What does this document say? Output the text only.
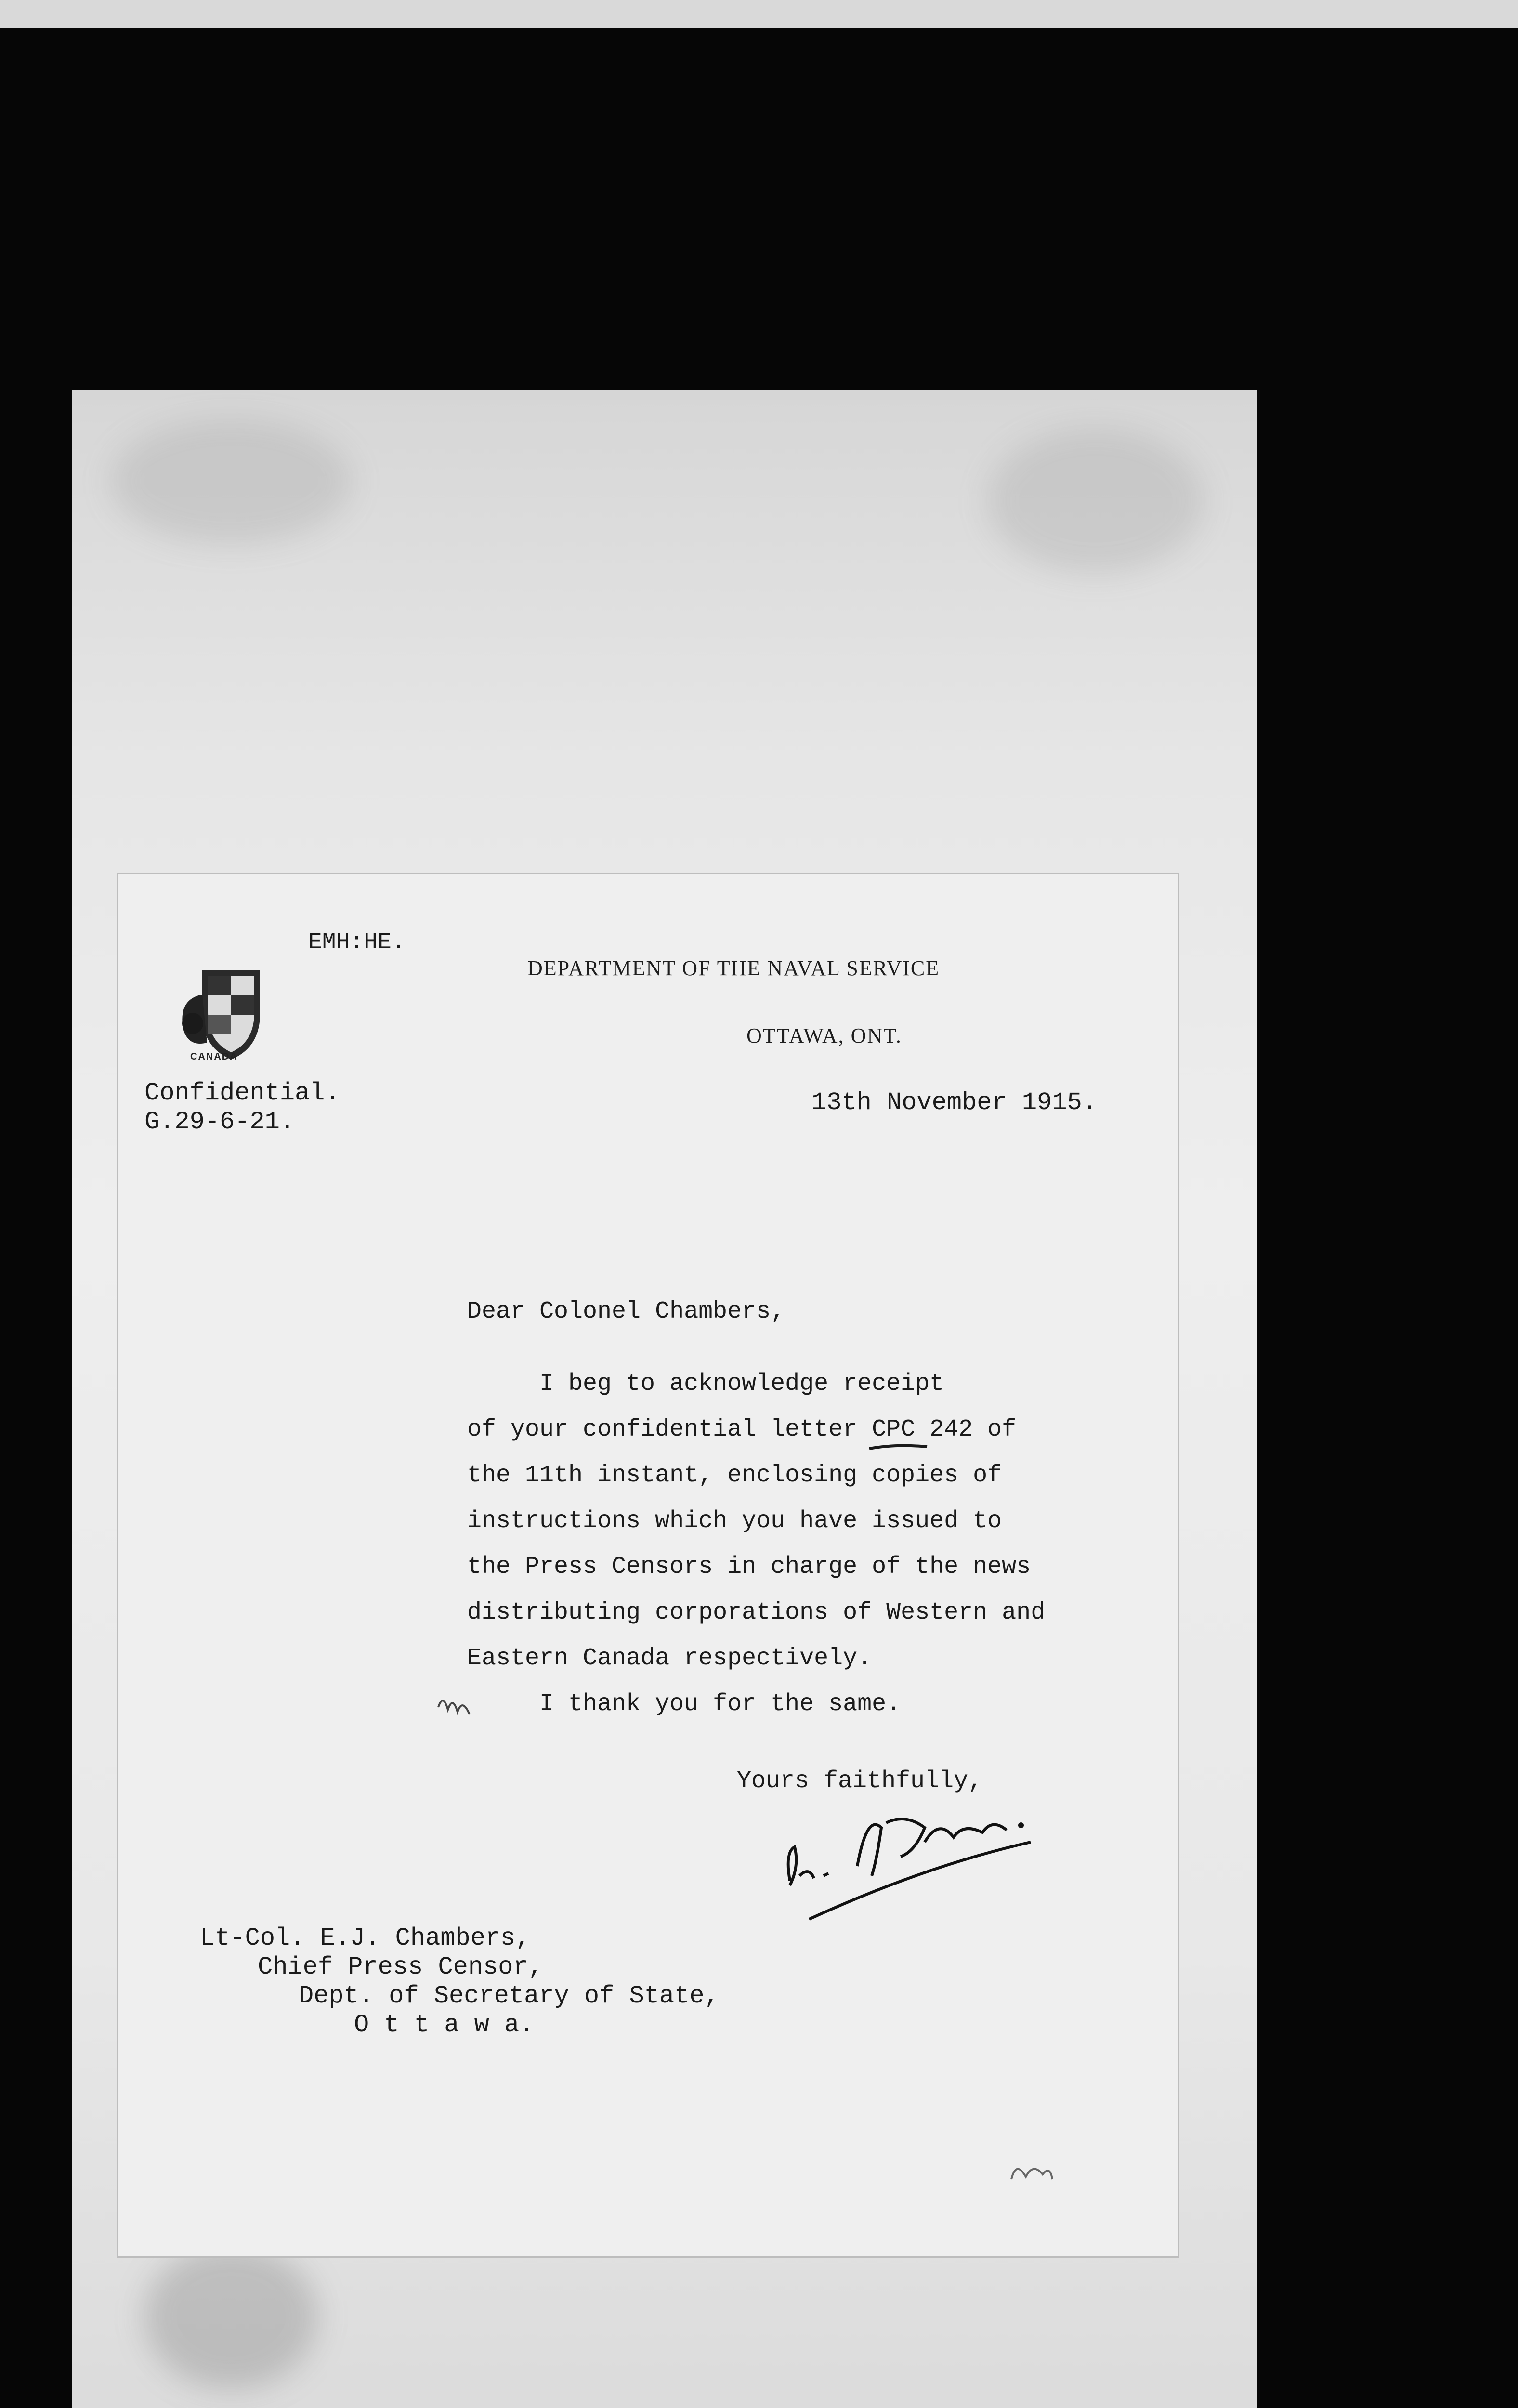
EMH:HE.
DEPARTMENT OF THE NAVAL SERVICE
OTTAWA, ONT.
CANADA
Confidential.
G.29-6-21.
13th November 1915.
Dear Colonel Chambers,
I beg to acknowledge receipt
of your confidential letter CPC 242 of
the 11th instant, enclosing copies of
instructions which you have issued to
the Press Censors in charge of the news
distributing corporations of Western and
Eastern Canada respectively.
I thank you for the same.
Yours faithfully,
Lt-Col. E.J. Chambers,
Chief Press Censor,
Dept. of Secretary of State,
O t t a w a.
